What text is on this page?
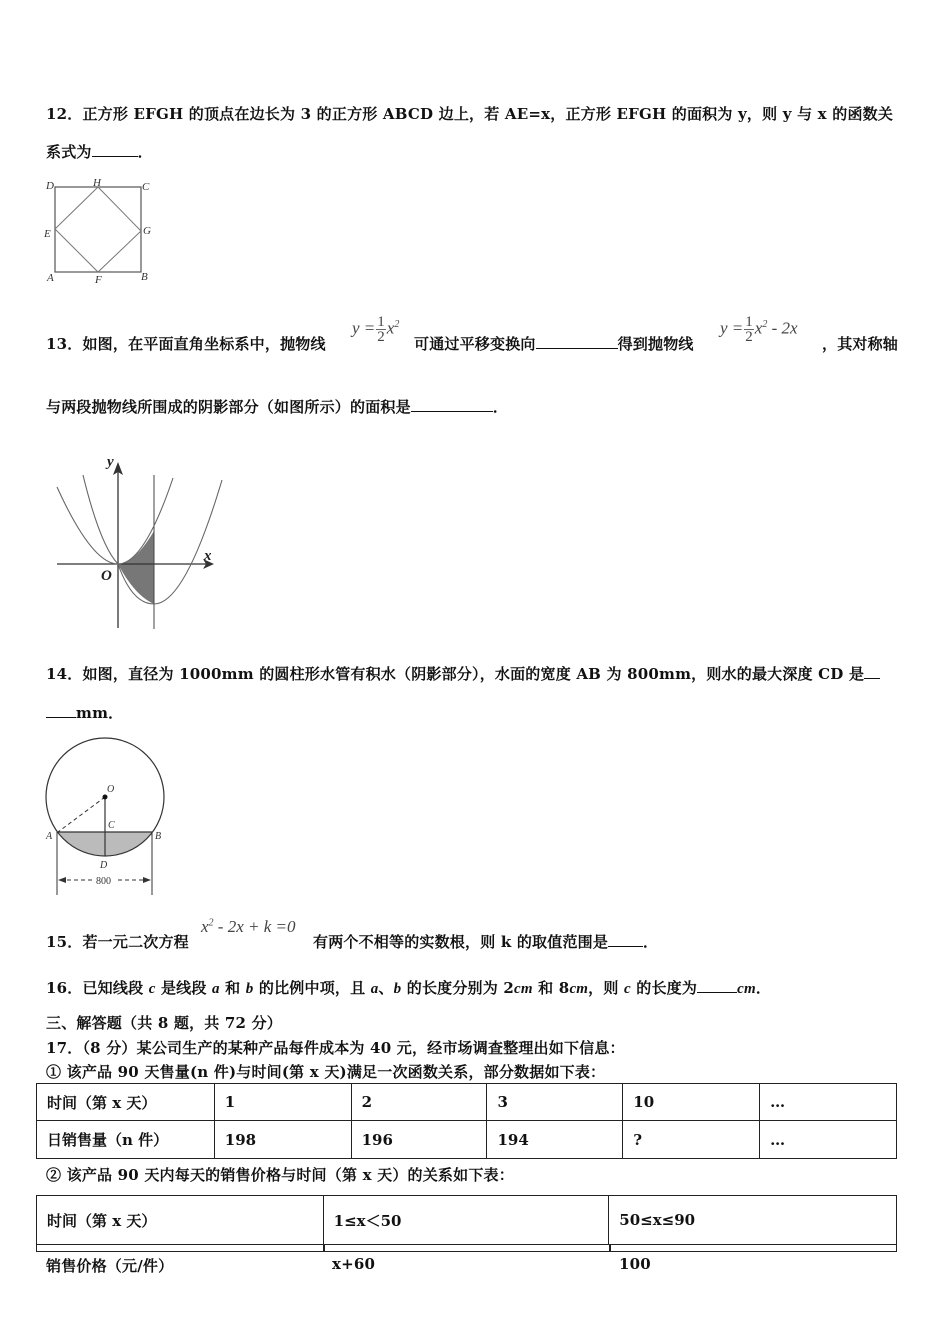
12．正方形 EFGH 的顶点在边长为 3 的正方形 ABCD 边上，若 AE=x，正方形 EFGH 的面积为 y，则 y 与 x 的函数关
系式为	．
D	H	C
E	G
A	F	B
13．如图，在平面直角坐标系中，抛物线
$y = \frac{1}{2} x^2$
可通过平移变换向	得到抛物线
$y = \frac{1}{2} x^2 - 2x$
，其对称轴
与两段抛物线所围成的阴影部分（如图所示）的面积是	．
y
x
O
14．如图，直径为 1000mm 的圆柱形水管有积水（阴影部分），水面的宽度 AB 为 800mm，则水的最大深度 CD 是
mm．
O
A	B
C
D
800
15．若一元二次方程
$x^2 - 2x + k =0$
有两个不相等的实数根，则 k 的取值范围是 ．
16．已知线段 c 是线段 a 和 b 的比例中项，且 a、b 的长度分别为 2cm 和 8cm，则 c 的长度为	cm．
三、解答题（共 8 题，共 72 分）
17．（8 分）某公司生产的某种产品每件成本为 40 元，经市场调查整理出如下信息：
① 该产品 90 天售量(n 件)与时间(第 x 天)满足一次函数关系，部分数据如下表：
时间（第 x 天）	1	2	3	10	…
日销售量（n 件）	198	196	194	?	…
② 该产品 90 天内每天的销售价格与时间（第 x 天）的关系如下表：
时间（第 x 天）	1≤x＜50	50≤x≤90
销售价格（元/件）	x+60	100
